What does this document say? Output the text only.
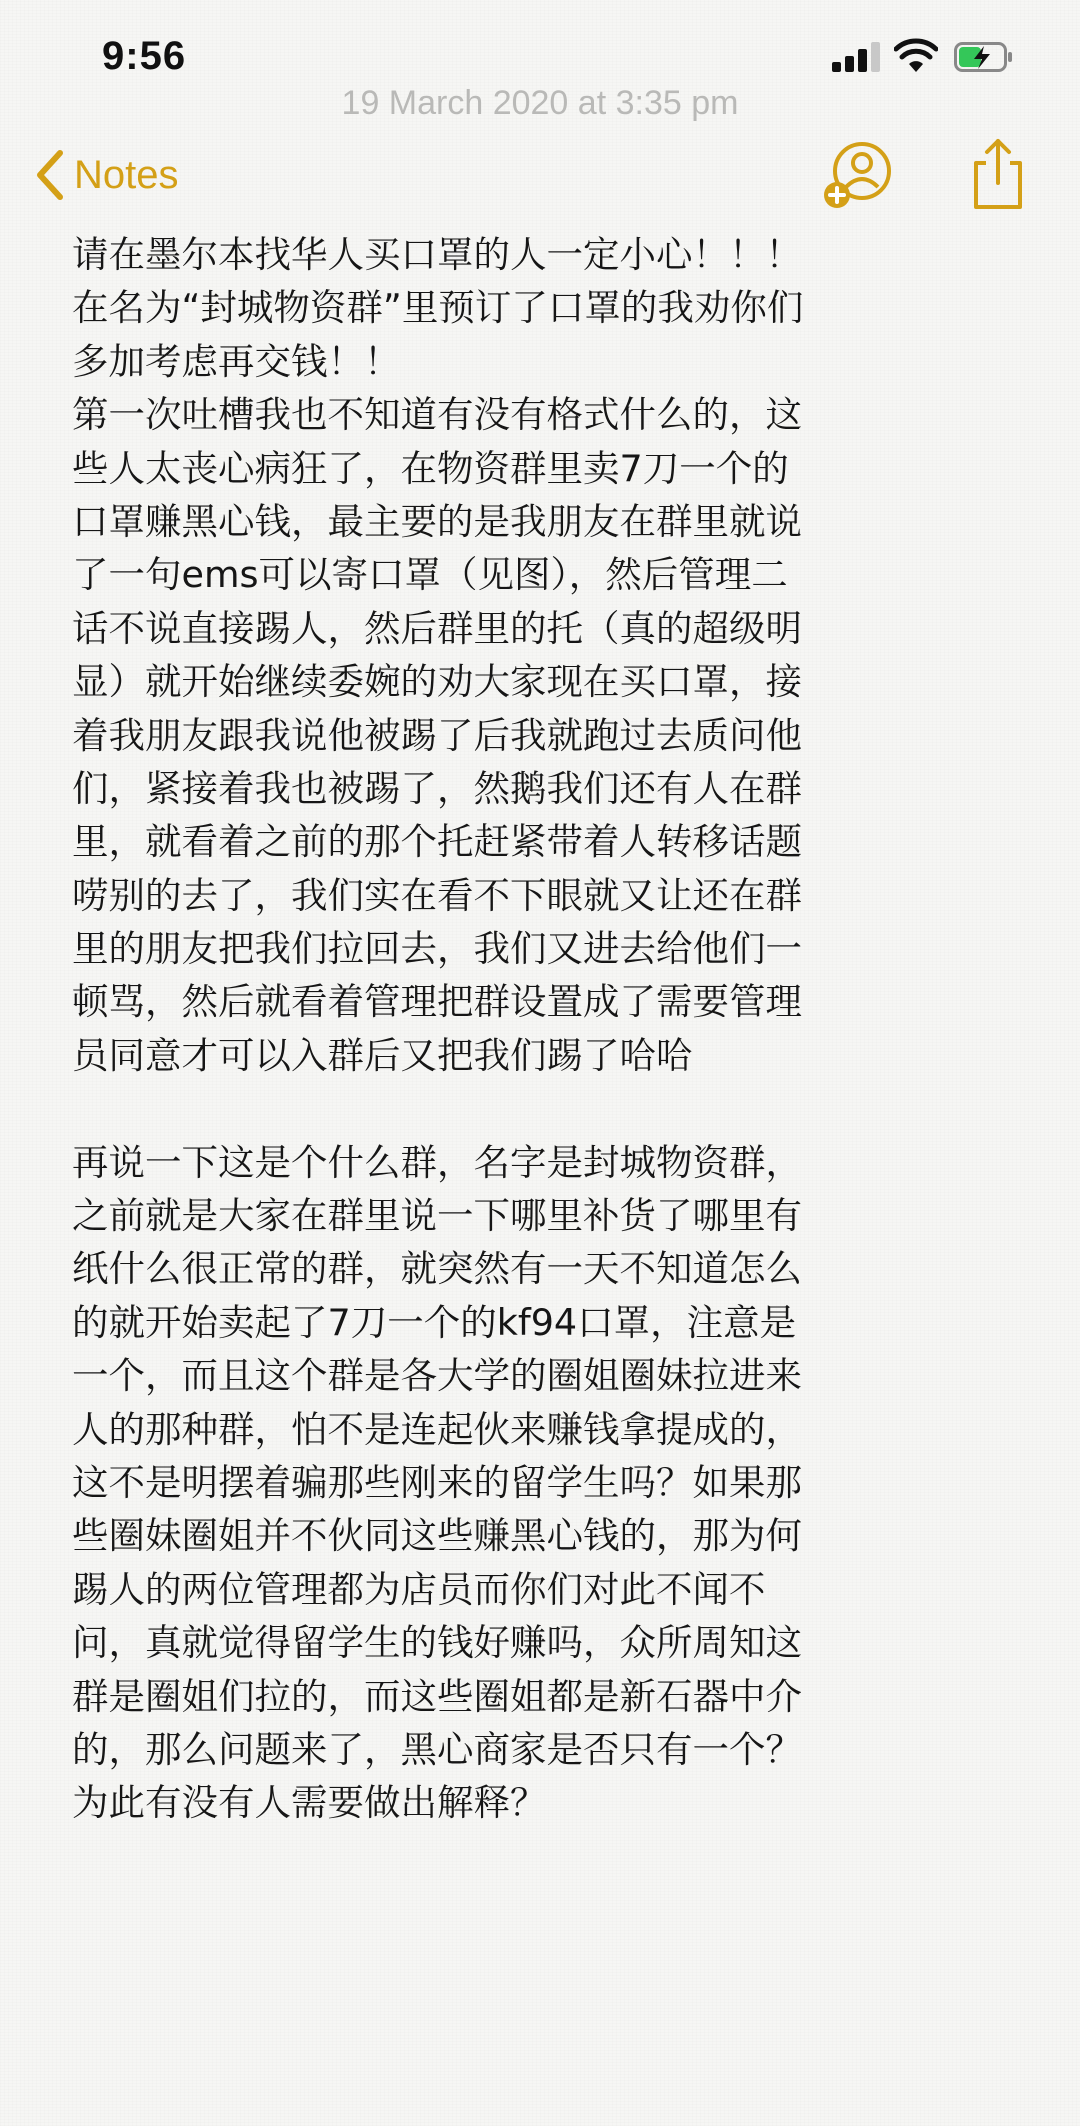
9:56
19 March 2020 at 3:35 pm
Notes
请在墨尔本找华人买口罩的人一定小心！！！
在名为“封城物资群”里预订了口罩的我劝你们
多加考虑再交钱！！
第一次吐槽我也不知道有没有格式什么的，这
些人太丧心病狂了，在物资群里卖7刀一个的
口罩赚黑心钱，最主要的是我朋友在群里就说
了一句ems可以寄口罩（见图），然后管理二
话不说直接踢人，然后群里的托（真的超级明
显）就开始继续委婉的劝大家现在买口罩，接
着我朋友跟我说他被踢了后我就跑过去质问他
们，紧接着我也被踢了，然鹅我们还有人在群
里，就看着之前的那个托赶紧带着人转移话题
唠别的去了，我们实在看不下眼就又让还在群
里的朋友把我们拉回去，我们又进去给他们一
顿骂，然后就看着管理把群设置成了需要管理
员同意才可以入群后又把我们踢了哈哈
再说一下这是个什么群，名字是封城物资群，
之前就是大家在群里说一下哪里补货了哪里有
纸什么很正常的群，就突然有一天不知道怎么
的就开始卖起了7刀一个的kf94口罩，注意是
一个，而且这个群是各大学的圈姐圈妹拉进来
人的那种群，怕不是连起伙来赚钱拿提成的，
这不是明摆着骗那些刚来的留学生吗？如果那
些圈妹圈姐并不伙同这些赚黑心钱的，那为何
踢人的两位管理都为店员而你们对此不闻不
问，真就觉得留学生的钱好赚吗，众所周知这
群是圈姐们拉的，而这些圈姐都是新石器中介
的，那么问题来了，黑心商家是否只有一个？
为此有没有人需要做出解释？
